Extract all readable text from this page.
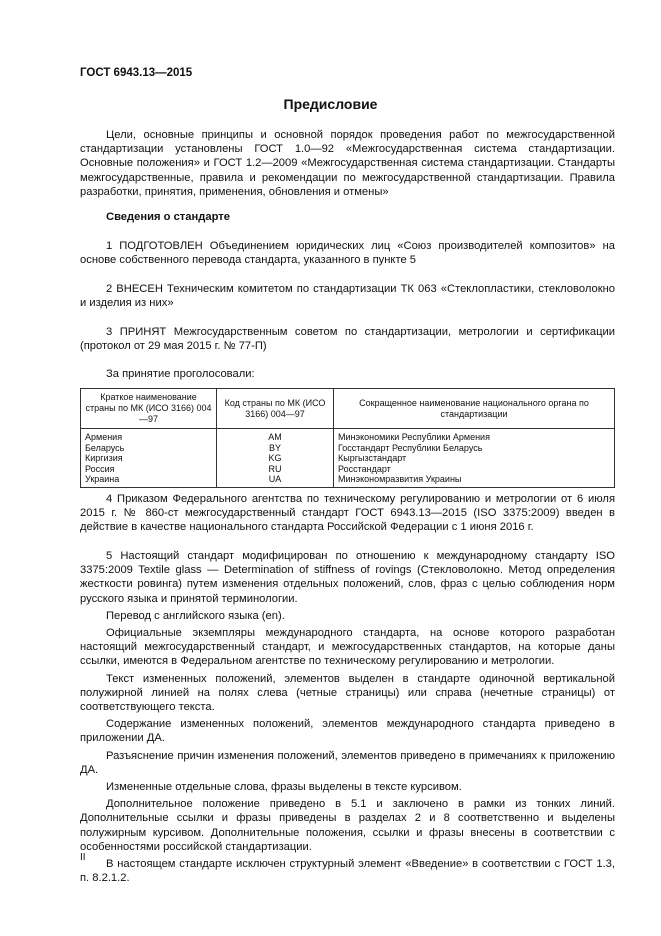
ГОСТ 6943.13—2015
Предисловие

Цели, основные принципы и основной порядок проведения работ по межгосударственной стандартизации установлены ГОСТ 1.0—92 «Межгосударственная система стандартизации. Основные положения» и ГОСТ 1.2—2009 «Межгосударственная система стандартизации. Стандарты межгосударственные, правила и рекомендации по межгосударственной стандартизации. Правила разработки, принятия, применения, обновления и отмены»

Сведения о стандарте

1 ПОДГОТОВЛЕН Объединением юридических лиц «Союз производителей композитов» на основе собственного перевода стандарта, указанного в пункте 5

2 ВНЕСЕН Техническим комитетом по стандартизации ТК 063 «Стеклопластики, стекловолокно и изделия из них»

3 ПРИНЯТ Межгосударственным советом по стандартизации, метрологии и сертификации (протокол от 29 мая 2015 г. № 77-П)

За принятие проголосовали:
Краткое наименование страны по МК (ИСО 3166) 004—97	Код страны по МК (ИСО 3166) 004—97	Сокращенное наименование национального органа по стандартизации
Армения	AM	Минэкономики Республики Армения
Беларусь	BY	Госстандарт Республики Беларусь
Киргизия	KG	Кыргызстандарт
Россия	RU	Росстандарт
Украина	UA	Минэкономразвития Украины

4 Приказом Федерального агентства по техническому регулированию и метрологии от 6 июля 2015 г. № 860-ст межгосударственный стандарт ГОСТ 6943.13—2015 (ISO 3375:2009) введен в действие в качестве национального стандарта Российской Федерации с 1 июня 2016 г.

5 Настоящий стандарт модифицирован по отношению к международному стандарту ISO 3375:2009 Textile glass — Determination of stiffness of rovings (Стекловолокно. Метод определения жесткости ровинга) путем изменения отдельных положений, слов, фраз с целью соблюдения норм русского языка и принятой терминологии.

Перевод с английского языка (en).

Официальные экземпляры международного стандарта, на основе которого разработан настоящий межгосударственный стандарт, и межгосударственных стандартов, на которые даны ссылки, имеются в Федеральном агентстве по техническому регулированию и метрологии.

Текст измененных положений, элементов выделен в стандарте одиночной вертикальной полужирной линией на полях слева (четные страницы) или справа (нечетные страницы) от соответствующего текста.

Содержание измененных положений, элементов международного стандарта приведено в приложении ДА.

Разъяснение причин изменения положений, элементов приведено в примечаниях к приложению ДА.

Измененные отдельные слова, фразы выделены в тексте курсивом.

Дополнительное положение приведено в 5.1 и заключено в рамки из тонких линий. Дополнительные ссылки и фразы приведены в разделах 2 и 8 соответственно и выделены полужирным курсивом. Дополнительные положения, ссылки и фразы внесены в соответствии с особенностями российской стандартизации.

В настоящем стандарте исключен структурный элемент «Введение» в соответствии с ГОСТ 1.3, п. 8.2.1.2.

II
